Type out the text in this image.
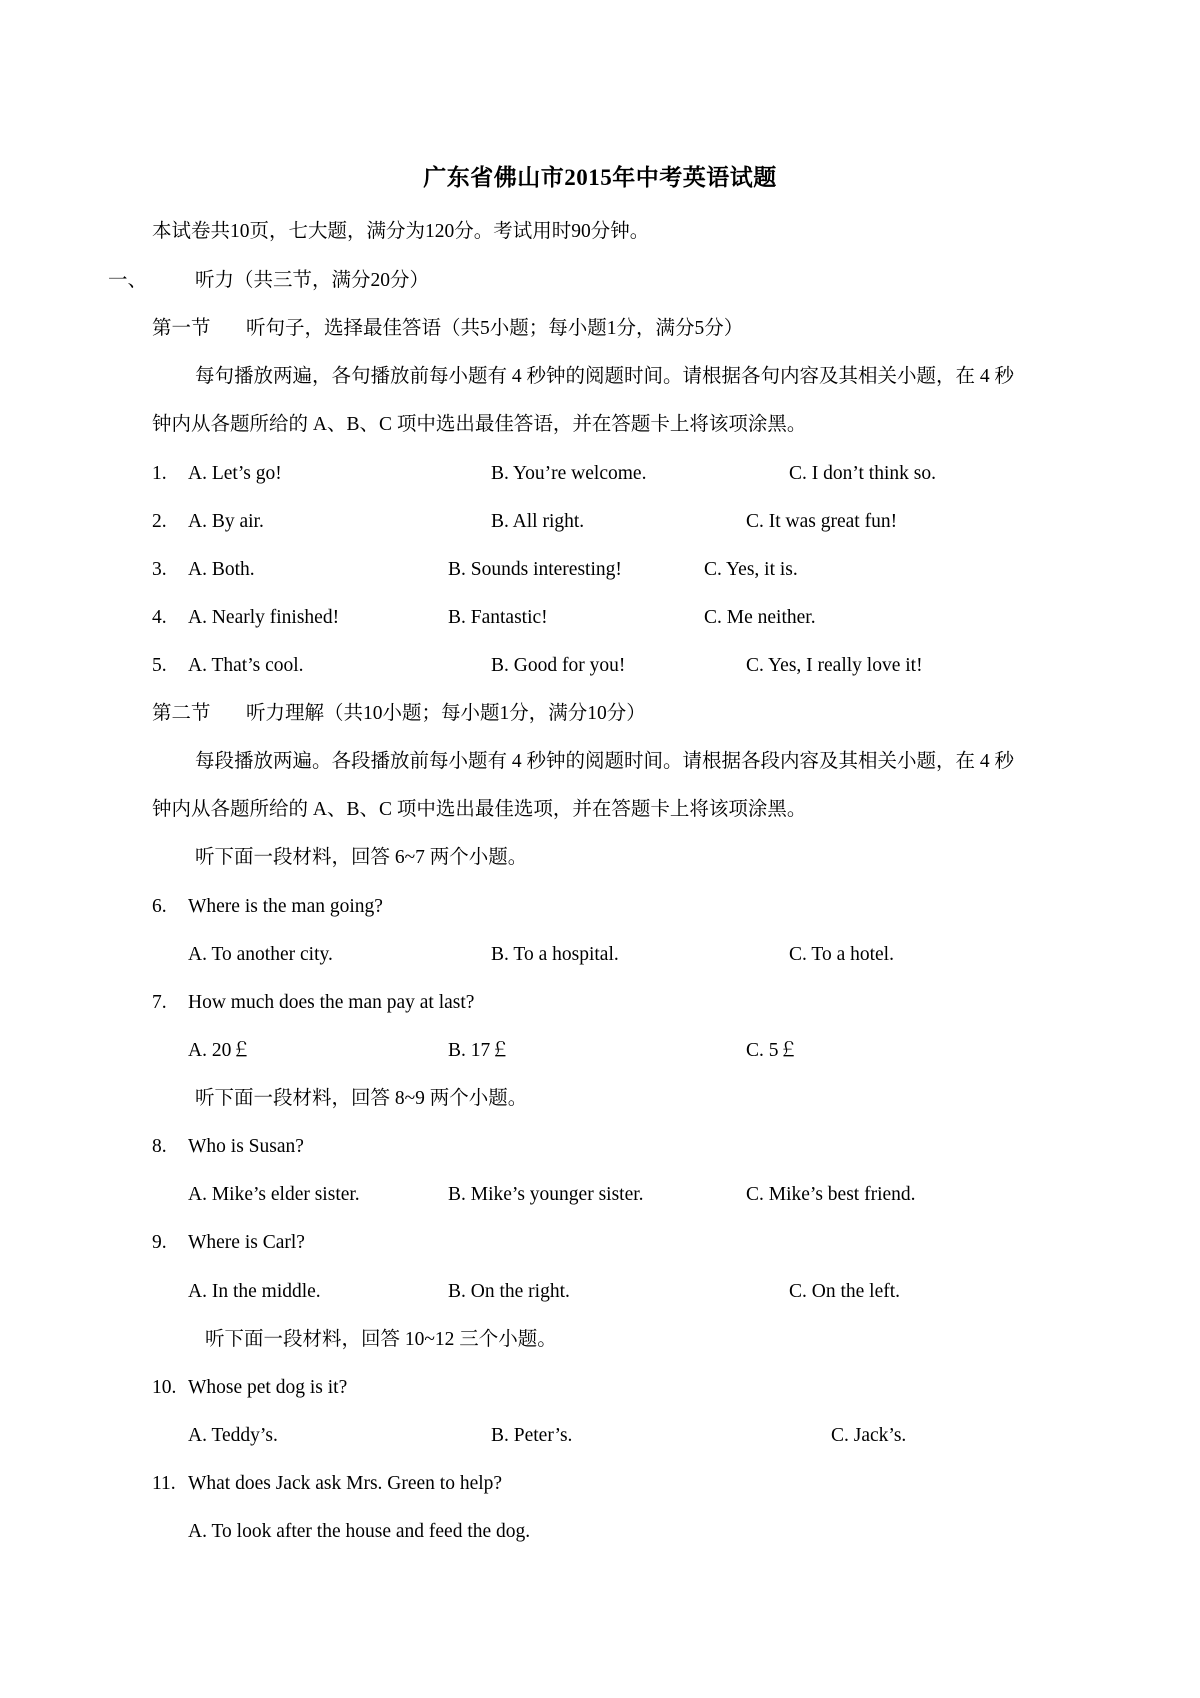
广东省佛山市2015年中考英语试题
本试卷共10页，七大题，满分为120分。考试用时90分钟。
一、 听力（共三节，满分20分）
第一节 听句子，选择最佳答语（共5小题；每小题1分，满分5分）
每句播放两遍，各句播放前每小题有 4 秒钟的阅题时间。请根据各句内容及其相关小题，在 4 秒
钟内从各题所给的 A、B、C 项中选出最佳答语，并在答题卡上将该项涂黑。
1. A. Let’s go!	B. You’re welcome.	C. I don’t think so.
2. A. By air.	B. All right.	C. It was great fun!
3. A. Both.	B. Sounds interesting!	C. Yes, it is.
4. A. Nearly finished!	B. Fantastic!	C. Me neither.
5. A. That’s cool.	B. Good for you!	C. Yes, I really love it!
第二节 听力理解（共10小题；每小题1分，满分10分）
每段播放两遍。各段播放前每小题有 4 秒钟的阅题时间。请根据各段内容及其相关小题，在 4 秒
钟内从各题所给的 A、B、C 项中选出最佳选项，并在答题卡上将该项涂黑。
听下面一段材料，回答 6~7 两个小题。
6. Where is the man going?
A. To another city.	B. To a hospital.	C. To a hotel.
7. How much does the man pay at last?
A. 20￡	B. 17￡	C. 5￡
听下面一段材料，回答 8~9 两个小题。
8. Who is Susan?
A. Mike’s elder sister.	B. Mike’s younger sister.	C. Mike’s best friend.
9. Where is Carl?
A. In the middle.	B. On the right.	C. On the left.
听下面一段材料，回答 10~12 三个小题。
10. Whose pet dog is it?
A. Teddy’s.	B. Peter’s.	C. Jack’s.
11. What does Jack ask Mrs. Green to help?
A. To look after the house and feed the dog.
